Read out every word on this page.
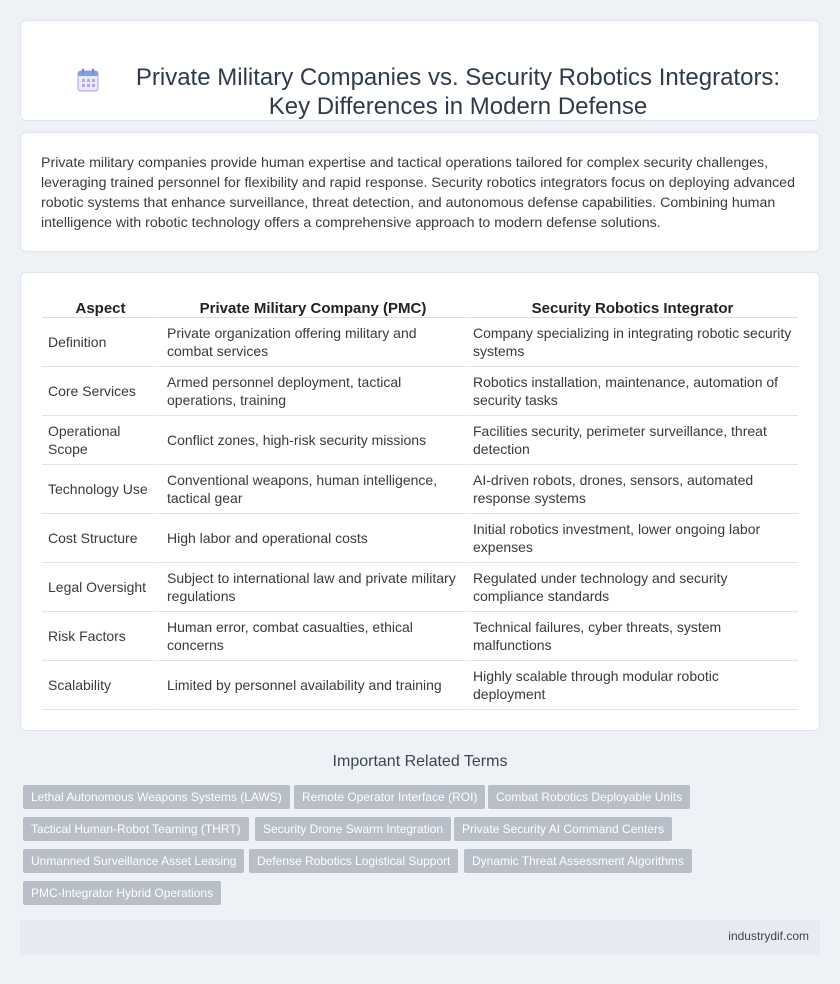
Private Military Companies vs. Security Robotics Integrators: Key Differences in Modern Defense

Private military companies provide human expertise and tactical operations tailored for complex security challenges, leveraging trained personnel for flexibility and rapid response. Security robotics integrators focus on deploying advanced robotic systems that enhance surveillance, threat detection, and autonomous defense capabilities. Combining human intelligence with robotic technology offers a comprehensive approach to modern defense solutions.

Aspect	Private Military Company (PMC)	Security Robotics Integrator
Definition	Private organization offering military and combat services	Company specializing in integrating robotic security systems
Core Services	Armed personnel deployment, tactical operations, training	Robotics installation, maintenance, automation of security tasks
Operational Scope	Conflict zones, high-risk security missions	Facilities security, perimeter surveillance, threat detection
Technology Use	Conventional weapons, human intelligence, tactical gear	AI-driven robots, drones, sensors, automated response systems
Cost Structure	High labor and operational costs	Initial robotics investment, lower ongoing labor expenses
Legal Oversight	Subject to international law and private military regulations	Regulated under technology and security compliance standards
Risk Factors	Human error, combat casualties, ethical concerns	Technical failures, cyber threats, system malfunctions
Scalability	Limited by personnel availability and training	Highly scalable through modular robotic deployment
Important Related Terms
Lethal Autonomous Weapons Systems (LAWS)	Remote Operator Interface (ROI)	Combat Robotics Deployable Units
Tactical Human-Robot Teaming (THRT)	Security Drone Swarm Integration	Private Security AI Command Centers
Unmanned Surveillance Asset Leasing	Defense Robotics Logistical Support	Dynamic Threat Assessment Algorithms
PMC-Integrator Hybrid Operations
industrydif.com
